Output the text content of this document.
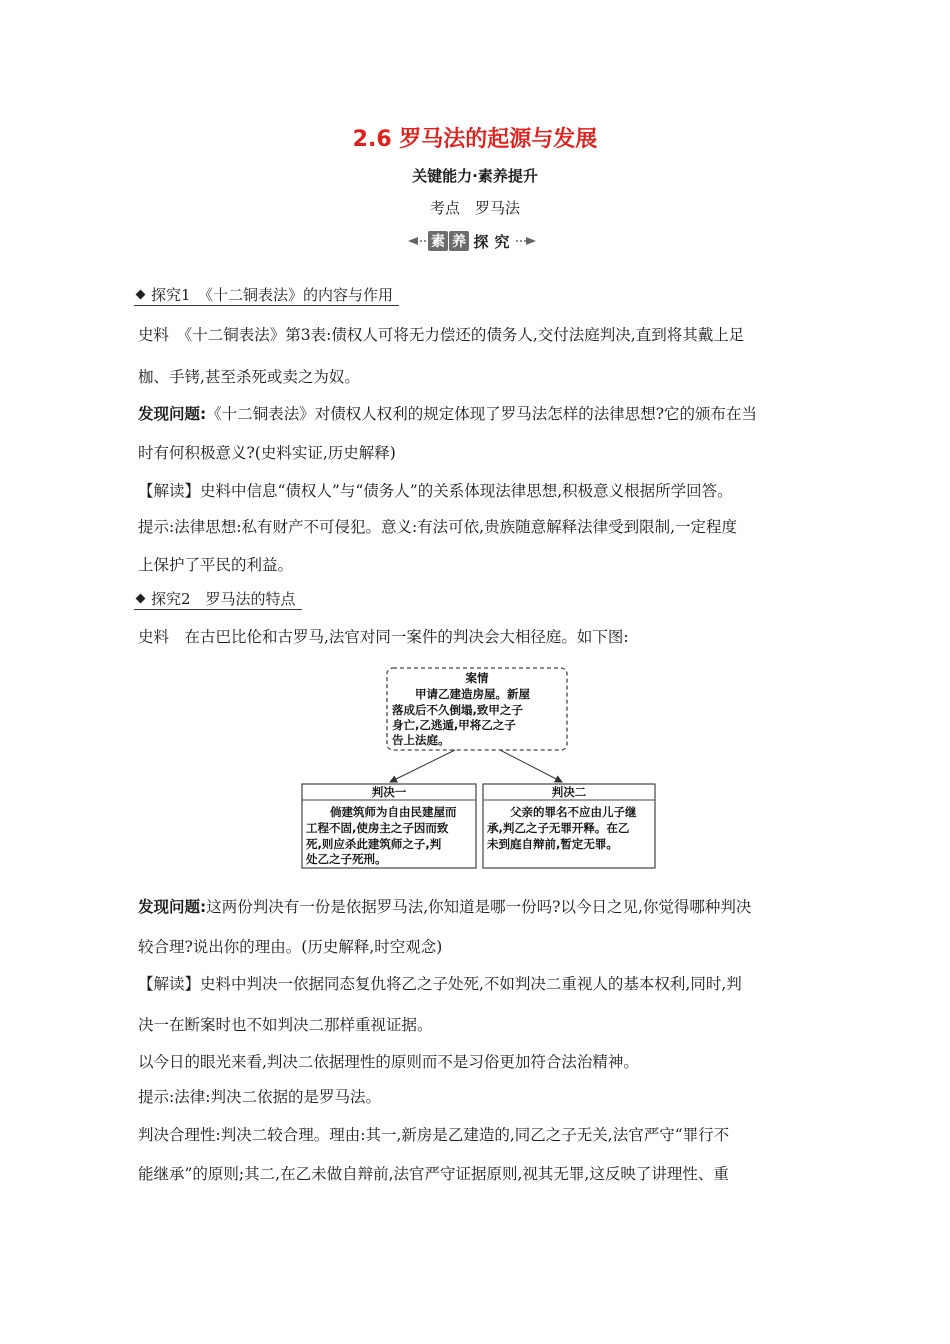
2.6 罗马法的起源与发展
关键能力·素养提升
考点　罗马法
素 养 探 究
探究1　《十二铜表法》的内容与作用
史料　《十二铜表法》第3表:债权人可将无力偿还的债务人,交付法庭判决,直到将其戴上足
枷、手铐,甚至杀死或卖之为奴。
发现问题:《十二铜表法》对债权人权利的规定体现了罗马法怎样的法律思想?它的颁布在当
时有何积极意义?(史料实证,历史解释)
【解读】史料中信息“债权人”与“债务人”的关系体现法律思想,积极意义根据所学回答。
提示:法律思想:私有财产不可侵犯。意义:有法可依,贵族随意解释法律受到限制,一定程度
上保护了平民的利益。
探究2　罗马法的特点
史料　在古巴比伦和古罗马,法官对同一案件的判决会大相径庭。如下图:
案情
甲请乙建造房屋。新屋
落成后不久倒塌,致甲之子
身亡,乙逃遁,甲将乙之子
告上法庭。
判决一
倘建筑师为自由民建屋而
工程不固,使房主之子因而致
死,则应杀此建筑师之子,判
处乙之子死刑。
判决二
父亲的罪名不应由儿子继
承,判乙之子无罪开释。在乙
未到庭自辩前,暂定无罪。
发现问题:这两份判决有一份是依据罗马法,你知道是哪一份吗?以今日之见,你觉得哪种判决
较合理?说出你的理由。(历史解释,时空观念)
【解读】史料中判决一依据同态复仇将乙之子处死,不如判决二重视人的基本权利,同时,判
决一在断案时也不如判决二那样重视证据。
以今日的眼光来看,判决二依据理性的原则而不是习俗更加符合法治精神。
提示:法律:判决二依据的是罗马法。
判决合理性:判决二较合理。理由:其一,新房是乙建造的,同乙之子无关,法官严守“罪行不
能继承”的原则;其二,在乙未做自辩前,法官严守证据原则,视其无罪,这反映了讲理性、重
